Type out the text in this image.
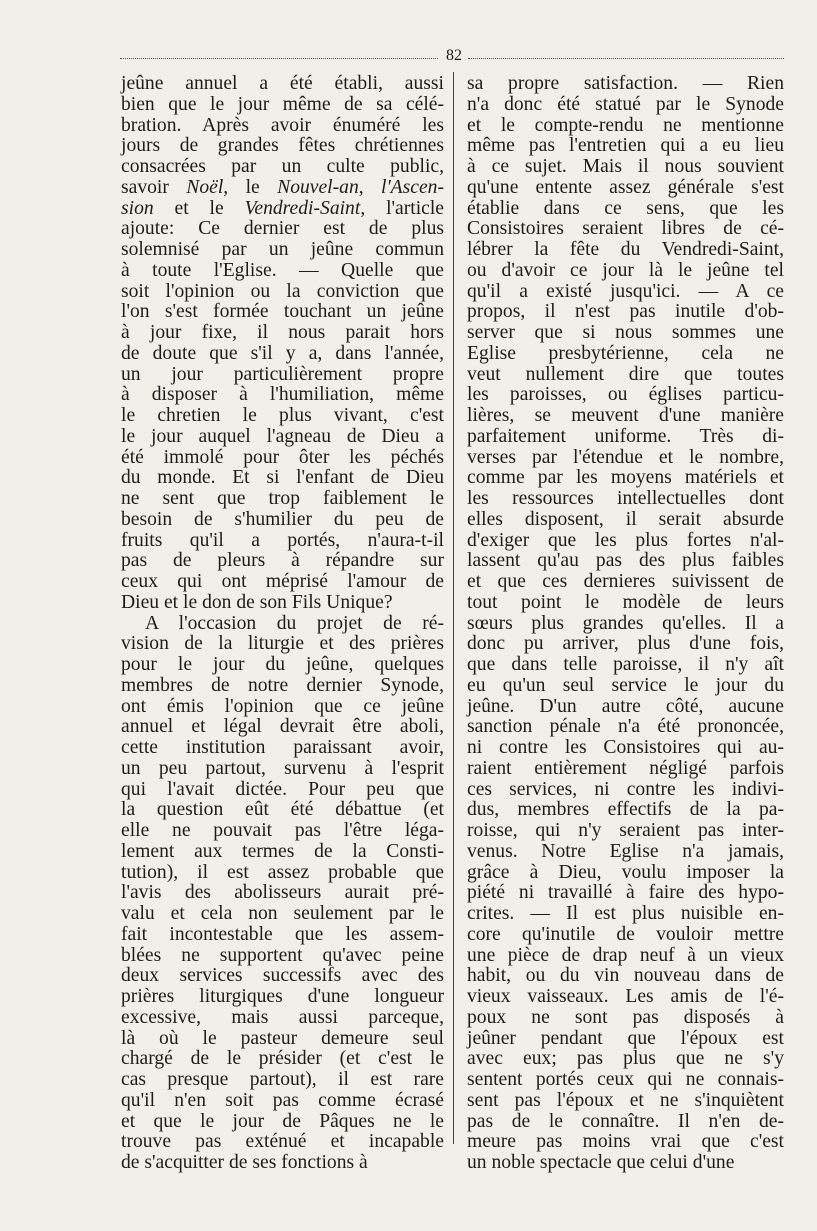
82
jeûne annuel a été établi, aussi
bien que le jour même de sa célé-
bration. Après avoir énuméré les
jours de grandes fêtes chrétiennes
consacrées par un culte public,
savoir Noël, le Nouvel-an, l'Ascen-
sion et le Vendredi-Saint, l'article
ajoute: Ce dernier est de plus
solemnisé par un jeûne commun
à toute l'Eglise. — Quelle que
soit l'opinion ou la conviction que
l'on s'est formée touchant un jeûne
à jour fixe, il nous parait hors
de doute que s'il y a, dans l'année,
un jour particulièrement propre
à disposer à l'humiliation, même
le chretien le plus vivant, c'est
le jour auquel l'agneau de Dieu a
été immolé pour ôter les péchés
du monde. Et si l'enfant de Dieu
ne sent que trop faiblement le
besoin de s'humilier du peu de
fruits qu'il a portés, n'aura-t-il
pas de pleurs à répandre sur
ceux qui ont méprisé l'amour de
Dieu et le don de son Fils Unique?
A l'occasion du projet de ré-
vision de la liturgie et des prières
pour le jour du jeûne, quelques
membres de notre dernier Synode,
ont émis l'opinion que ce jeûne
annuel et légal devrait être aboli,
cette institution paraissant avoir,
un peu partout, survenu à l'esprit
qui l'avait dictée. Pour peu que
la question eût été débattue (et
elle ne pouvait pas l'être léga-
lement aux termes de la Consti-
tution), il est assez probable que
l'avis des abolisseurs aurait pré-
valu et cela non seulement par le
fait incontestable que les assem-
blées ne supportent qu'avec peine
deux services successifs avec des
prières liturgiques d'une longueur
excessive, mais aussi parceque,
là où le pasteur demeure seul
chargé de le présider (et c'est le
cas presque partout), il est rare
qu'il n'en soit pas comme écrasé
et que le jour de Pâques ne le
trouve pas exténué et incapable
de s'acquitter de ses fonctions à
sa propre satisfaction. — Rien
n'a donc été statué par le Synode
et le compte-rendu ne mentionne
même pas l'entretien qui a eu lieu
à ce sujet. Mais il nous souvient
qu'une entente assez générale s'est
établie dans ce sens, que les
Consistoires seraient libres de cé-
lébrer la fête du Vendredi-Saint,
ou d'avoir ce jour là le jeûne tel
qu'il a existé jusqu'ici. — A ce
propos, il n'est pas inutile d'ob-
server que si nous sommes une
Eglise presbytérienne, cela ne
veut nullement dire que toutes
les paroisses, ou églises particu-
lières, se meuvent d'une manière
parfaitement uniforme. Très di-
verses par l'étendue et le nombre,
comme par les moyens matériels et
les ressources intellectuelles dont
elles disposent, il serait absurde
d'exiger que les plus fortes n'al-
lassent qu'au pas des plus faibles
et que ces dernieres suivissent de
tout point le modèle de leurs
sœurs plus grandes qu'elles. Il a
donc pu arriver, plus d'une fois,
que dans telle paroisse, il n'y aît
eu qu'un seul service le jour du
jeûne. D'un autre côté, aucune
sanction pénale n'a été prononcée,
ni contre les Consistoires qui au-
raient entièrement négligé parfois
ces services, ni contre les indivi-
dus, membres effectifs de la pa-
roisse, qui n'y seraient pas inter-
venus. Notre Eglise n'a jamais,
grâce à Dieu, voulu imposer la
piété ni travaillé à faire des hypo-
crites. — Il est plus nuisible en-
core qu'inutile de vouloir mettre
une pièce de drap neuf à un vieux
habit, ou du vin nouveau dans de
vieux vaisseaux. Les amis de l'é-
poux ne sont pas disposés à
jeûner pendant que l'époux est
avec eux; pas plus que ne s'y
sentent portés ceux qui ne connais-
sent pas l'époux et ne s'inquiètent
pas de le connaître. Il n'en de-
meure pas moins vrai que c'est
un noble spectacle que celui d'une
